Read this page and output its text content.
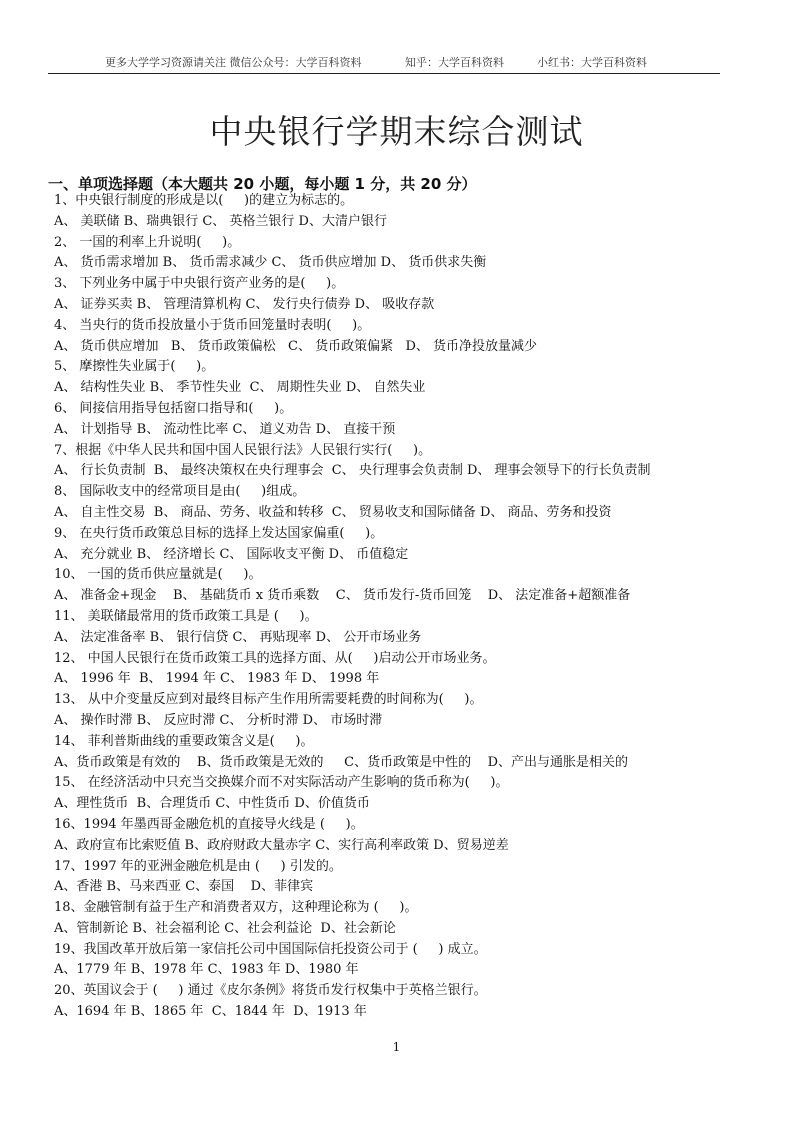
更多大学学习资源请关注 微信公众号：大学百科资料	知乎：大学百科资料	小红书：大学百科资料
中央银行学期末综合测试
一、单项选择题（本大题共 20 小题，每小题 1 分，共 20 分）
1、中央银行制度的形成是以(     )的建立为标志的。
A、 美联储 B、瑞典银行 C、 英格兰银行 D、大清户银行
2、 一国的利率上升说明(     )。
A、 货币需求增加 B、 货币需求减少 C、 货币供应增加 D、 货币供求失衡
3、 下列业务中属于中央银行资产业务的是(     )。
A、 证券买卖 B、 管理清算机构 C、 发行央行债券 D、 吸收存款
4、 当央行的货币投放量小于货币回笼量时表明(     )。
A、 货币供应增加   B、 货币政策偏松   C、 货币政策偏紧   D、 货币净投放量减少
5、 摩擦性失业属于(     )。
A、 结构性失业 B、 季节性失业  C、 周期性失业 D、 自然失业
6、 间接信用指导包括窗口指导和(     )。
A、 计划指导 B、 流动性比率 C、 道义劝告 D、 直接干预
7、根据《中华人民共和国中国人民银行法》人民银行实行(     )。
A、 行长负责制  B、 最终决策权在央行理事会  C、 央行理事会负责制 D、 理事会领导下的行长负责制
8、 国际收支中的经常项目是由(     )组成。
A、 自主性交易  B、 商品、劳务、收益和转移  C、 贸易收支和国际储备 D、 商品、劳务和投资
9、 在央行货币政策总目标的选择上发达国家偏重(     )。
A、 充分就业 B、 经济增长 C、 国际收支平衡 D、 币值稳定
10、 一国的货币供应量就是(     )。
A、 准备金+现金    B、 基础货币 x 货币乘数    C、 货币发行-货币回笼    D、 法定准备+超额准备
11、 美联储最常用的货币政策工具是 (     )。
A、 法定准备率 B、 银行信贷 C、 再贴现率 D、 公开市场业务
12、 中国人民银行在货币政策工具的选择方面、从(     )启动公开市场业务。
A、 1996 年  B、 1994 年 C、 1983 年 D、 1998 年
13、 从中介变量反应到对最终目标产生作用所需要耗费的时间称为(     )。
A、 操作时滞 B、 反应时滞 C、 分析时滞 D、 市场时滞
14、 菲利普斯曲线的重要政策含义是(     )。
A、货币政策是有效的    B、货币政策是无效的     C、货币政策是中性的    D、产出与通胀是相关的
15、 在经济活动中只充当交换媒介而不对实际活动产生影响的货币称为(     )。
A、理性货币  B、合理货币 C、中性货币 D、价值货币
16、1994 年墨西哥金融危机的直接导火线是 (     )。
A、政府宣布比索贬值 B、政府财政大量赤字 C、实行高利率政策 D、贸易逆差
17、1997 年的亚洲金融危机是由 (     ) 引发的。
A、香港 B、马来西亚 C、泰国    D、菲律宾
18、金融管制有益于生产和消费者双方，这种理论称为 (     )。
A、管制新论 B、社会福利论 C、社会利益论  D、社会新论
19、我国改革开放后第一家信托公司中国国际信托投资公司于 (     ) 成立。
A、1779 年 B、1978 年 C、1983 年 D、1980 年
20、英国议会于 (     ) 通过《皮尔条例》将货币发行权集中于英格兰银行。
A、1694 年 B、1865 年  C、1844 年  D、1913 年
1
